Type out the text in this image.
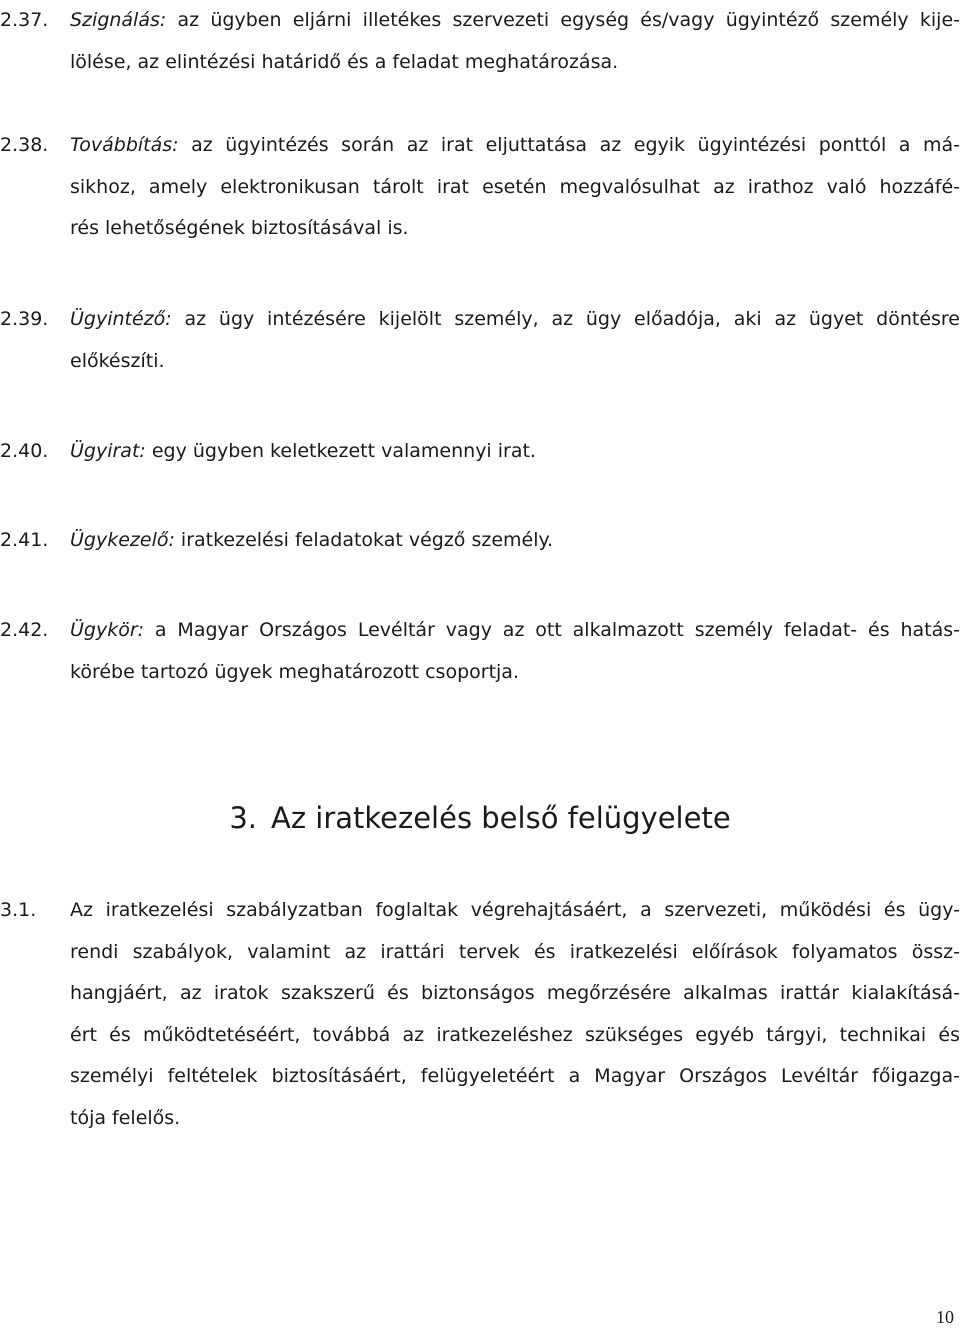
2.37. Szignálás: az ügyben eljárni illetékes szervezeti egység és/vagy ügyintéző személy kije-
lölése, az elintézési határidő és a feladat meghatározása.

2.38. Továbbítás: az ügyintézés során az irat eljuttatása az egyik ügyintézési ponttól a má-
sikhoz, amely elektronikusan tárolt irat esetén megvalósulhat az irathoz való hozzáfé-
rés lehetőségének biztosításával is.

2.39. Ügyintéző: az ügy intézésére kijelölt személy, az ügy előadója, aki az ügyet döntésre
előkészíti.

2.40. Ügyirat: egy ügyben keletkezett valamennyi irat.

2.41. Ügykezelő: iratkezelési feladatokat végző személy.

2.42. Ügykör: a Magyar Országos Levéltár vagy az ott alkalmazott személy feladat- és hatás-
körébe tartozó ügyek meghatározott csoportja.

3. Az iratkezelés belső felügyelete
3.1. Az iratkezelési szabályzatban foglaltak végrehajtásáért, a szervezeti, működési és ügy-
rendi szabályok, valamint az irattári tervek és iratkezelési előírások folyamatos össz-
hangjáért, az iratok szakszerű és biztonságos megőrzésére alkalmas irattár kialakításá-
ért és működtetéséért, továbbá az iratkezeléshez szükséges egyéb tárgyi, technikai és
személyi feltételek biztosításáért, felügyeletéért a Magyar Országos Levéltár főigazga-
tója felelős.

10
